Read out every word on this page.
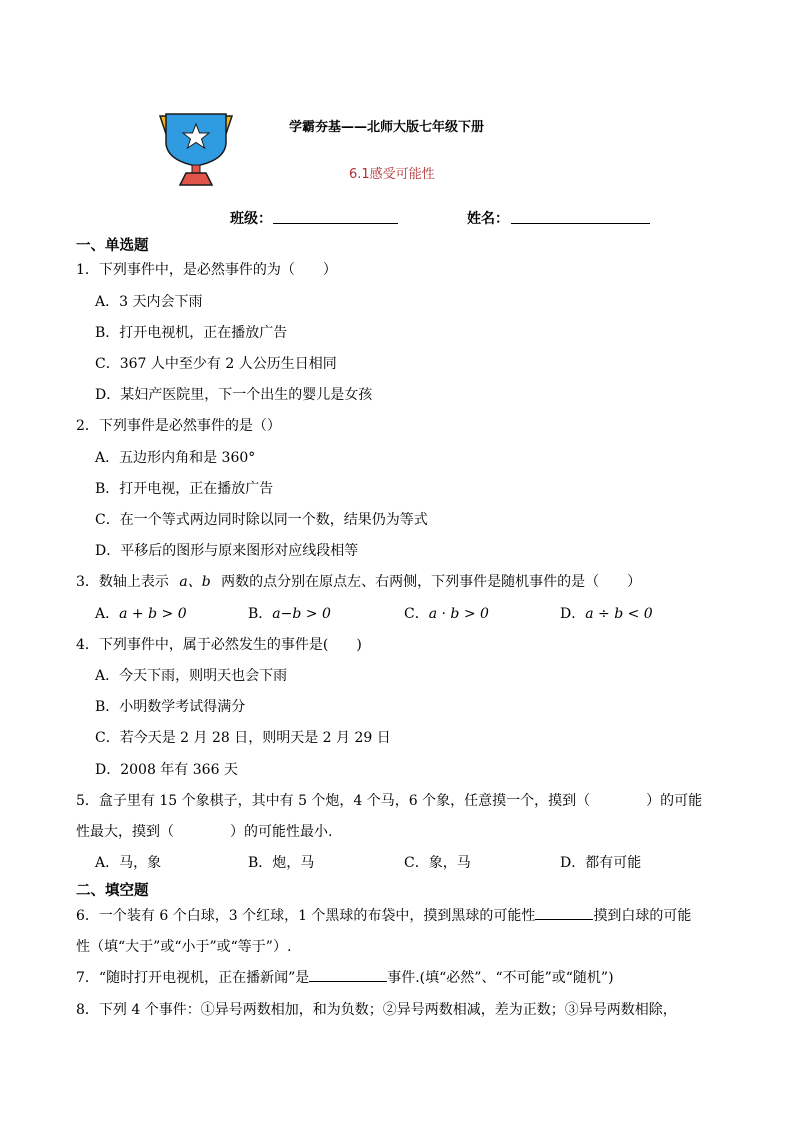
学霸夯基——北师大版七年级下册
6.1感受可能性
班级：	姓名：
一、单选题
1．下列事件中，是必然事件的为（　　）
A．3 天内会下雨
B．打开电视机，正在播放广告
C．367 人中至少有 2 人公历生日相同
D．某妇产医院里，下一个出生的婴儿是女孩
2．下列事件是必然事件的是（）
A．五边形内角和是 360°
B．打开电视，正在播放广告
C．在一个等式两边同时除以同一个数，结果仍为等式
D．平移后的图形与原来图形对应线段相等
3．数轴上表示 a、b 两数的点分别在原点左、右两侧，下列事件是随机事件的是（　　）
A．a + b > 0	B．a−b > 0	C．a · b > 0	D．a ÷ b < 0
4．下列事件中，属于必然发生的事件是(　　)
A．今天下雨，则明天也会下雨
B．小明数学考试得满分
C．若今天是 2 月 28 日，则明天是 2 月 29 日
D．2008 年有 366 天
5．盒子里有 15 个象棋子，其中有 5 个炮，4 个马，6 个象，任意摸一个，摸到（　　　　）的可能
性最大，摸到（　　　　）的可能性最小.
A．马，象	B．炮，马	C．象，马	D．都有可能
二、填空题
6．一个装有 6 个白球，3 个红球，1 个黑球的布袋中，摸到黑球的可能性	摸到白球的可能
性（填“大于”或“小于”或“等于”）.
7．“随时打开电视机，正在播新闻”是	事件.(填“必然”、“不可能”或“随机”)
8．下列 4 个事件：①异号两数相加，和为负数；②异号两数相减，差为正数；③异号两数相除，
